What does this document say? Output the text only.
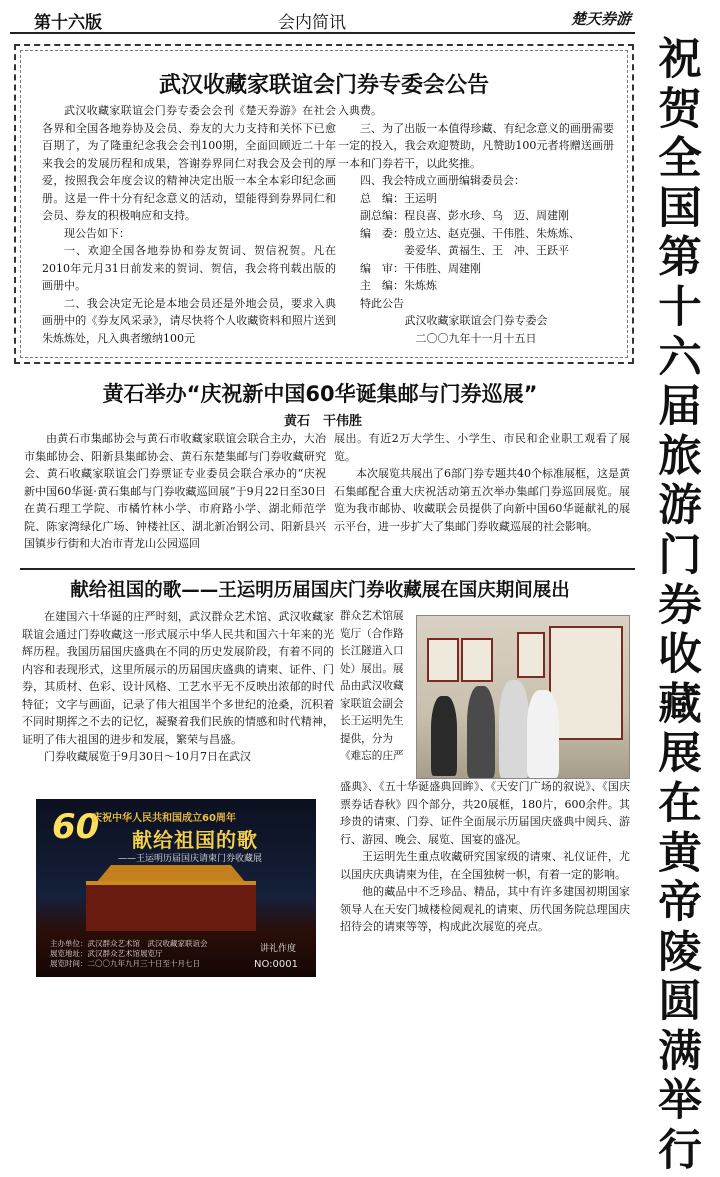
第十六版	会内简讯	楚天券游
祝
贺
全
国
第
十
六
届
旅
游
门
券
收
藏
展
在
黄
帝
陵
圆
满
举
行
武汉收藏家联谊会门券专委会公告

武汉收藏家联谊会门券专委会会刊《楚天券游》在社会各界和全国各地券协及会员、券友的大力支持和关怀下已愈百期了，为了隆重纪念我会会刊100期，全面回顾近二十年来我会的发展历程和成果，答谢券界同仁对我会及会刊的厚爱，按照我会年度会议的精神决定出版一本全本彩印纪念画册。这是一件十分有纪念意义的活动，望能得到券界同仁和会员、券友的积极响应和支持。

现公告如下：

一、欢迎全国各地券协和券友贺词、贺信祝贺。凡在2010年元月31日前发来的贺词、贺信，我会将刊载出版的画册中。

二、我会决定无论是本地会员还是外地会员，要求入典画册中的《券友风采录》，请尽快将个人收藏资料和照片送到朱炼炼处，凡入典者缴纳100元

入典费。

三、为了出版一本值得珍藏、有纪念意义的画册需要一定的投入，我会欢迎赞助，凡赞助100元者将赠送画册一本和门券若干，以此奖推。

四、我会特成立画册编辑委员会：

总　编：王运明

副总编：程良喜、彭水珍、乌　迈、周建刚

编　委：殷立达、赵克强、干伟胜、朱炼炼、

　　　　姜爱华、黄福生、王　冲、王跃平

编　审：干伟胜、周建刚

主　编：朱炼炼

特此公告

武汉收藏家联谊会门券专委会

二〇〇九年十一月十五日

黄石举办“庆祝新中国60华诞集邮与门券巡展”
黄石　干伟胜

由黄石市集邮协会与黄石市收藏家联谊会联合主办，大冶市集邮协会、阳新县集邮协会、黄石东楚集邮与门券收藏研究会、黄石收藏家联谊会门券票证专业委员会联合承办的“庆祝新中国60华诞·黄石集邮与门券收藏巡回展”于9月22日至30日在黄石理工学院、市橘竹林小学、市府路小学、湖北师范学院、陈家湾绿化广场、钟楼社区、湖北新冶钢公司、阳新县兴国镇步行街和大冶市青龙山公园巡回

展出。有近2万大学生、小学生、市民和企业职工观看了展览。

本次展览共展出了6部门券专题共40个标准展框，这是黄石集邮配合重大庆祝活动第五次举办集邮门券巡回展览。展览为我市邮协、收藏联会员提供了向新中国60华诞献礼的展示平台，进一步扩大了集邮门券收藏巡展的社会影响。

献给祖国的歌——王运明历届国庆门券收藏展在国庆期间展出

在建国六十华诞的庄严时刻，武汉群众艺术馆、武汉收藏家联谊会通过门券收藏这一形式展示中华人民共和国六十年来的光辉历程。我国历届国庆盛典在不同的历史发展阶段，有着不同的内容和表现形式，这里所展示的历届国庆盛典的请柬、证件、门券，其质材、色彩、设计风格、工艺水平无不反映出浓郁的时代特征；文字与画面，记录了伟大祖国半个多世纪的沧桑，沉积着不同时期挥之不去的记忆，凝聚着我们民族的情感和时代精神，证明了伟大祖国的进步和发展，繁荣与昌盛。

门券收藏展览于9月30日～10月7日在武汉

群众艺术馆展览厅（合作路长江隧道入口处）展出。展品由武汉收藏家联谊会副会长王运明先生提供，分为《难忘的庄严

盛典》、《五十华诞盛典回眸》、《天安门广场的叙说》、《国庆票券话春秋》四个部分，共20展框，180片，600余件。其珍贵的请柬、门券、证件全面展示历届国庆盛典中阅兵、游行、游园、晚会、展览、国宴的盛况。

王运明先生重点收藏研究国家级的请柬、礼仪证件，尤以国庆庆典请柬为佳，在全国独树一帜，有着一定的影响。

他的藏品中不乏珍品、精品，其中有许多建国初期国家领导人在天安门城楼检阅观礼的请柬、历代国务院总理国庆招待会的请柬等等，构成此次展览的亮点。

60
庆祝中华人民共和国成立60周年
献给祖国的歌
——王运明历届国庆请柬门券收藏展
主办单位：武汉群众艺术馆　武汉收藏家联谊会
展览地址：武汉群众艺术馆展览厅
展览时间：二〇〇九年九月三十日至十月七日
讲礼作度
NO:0001
